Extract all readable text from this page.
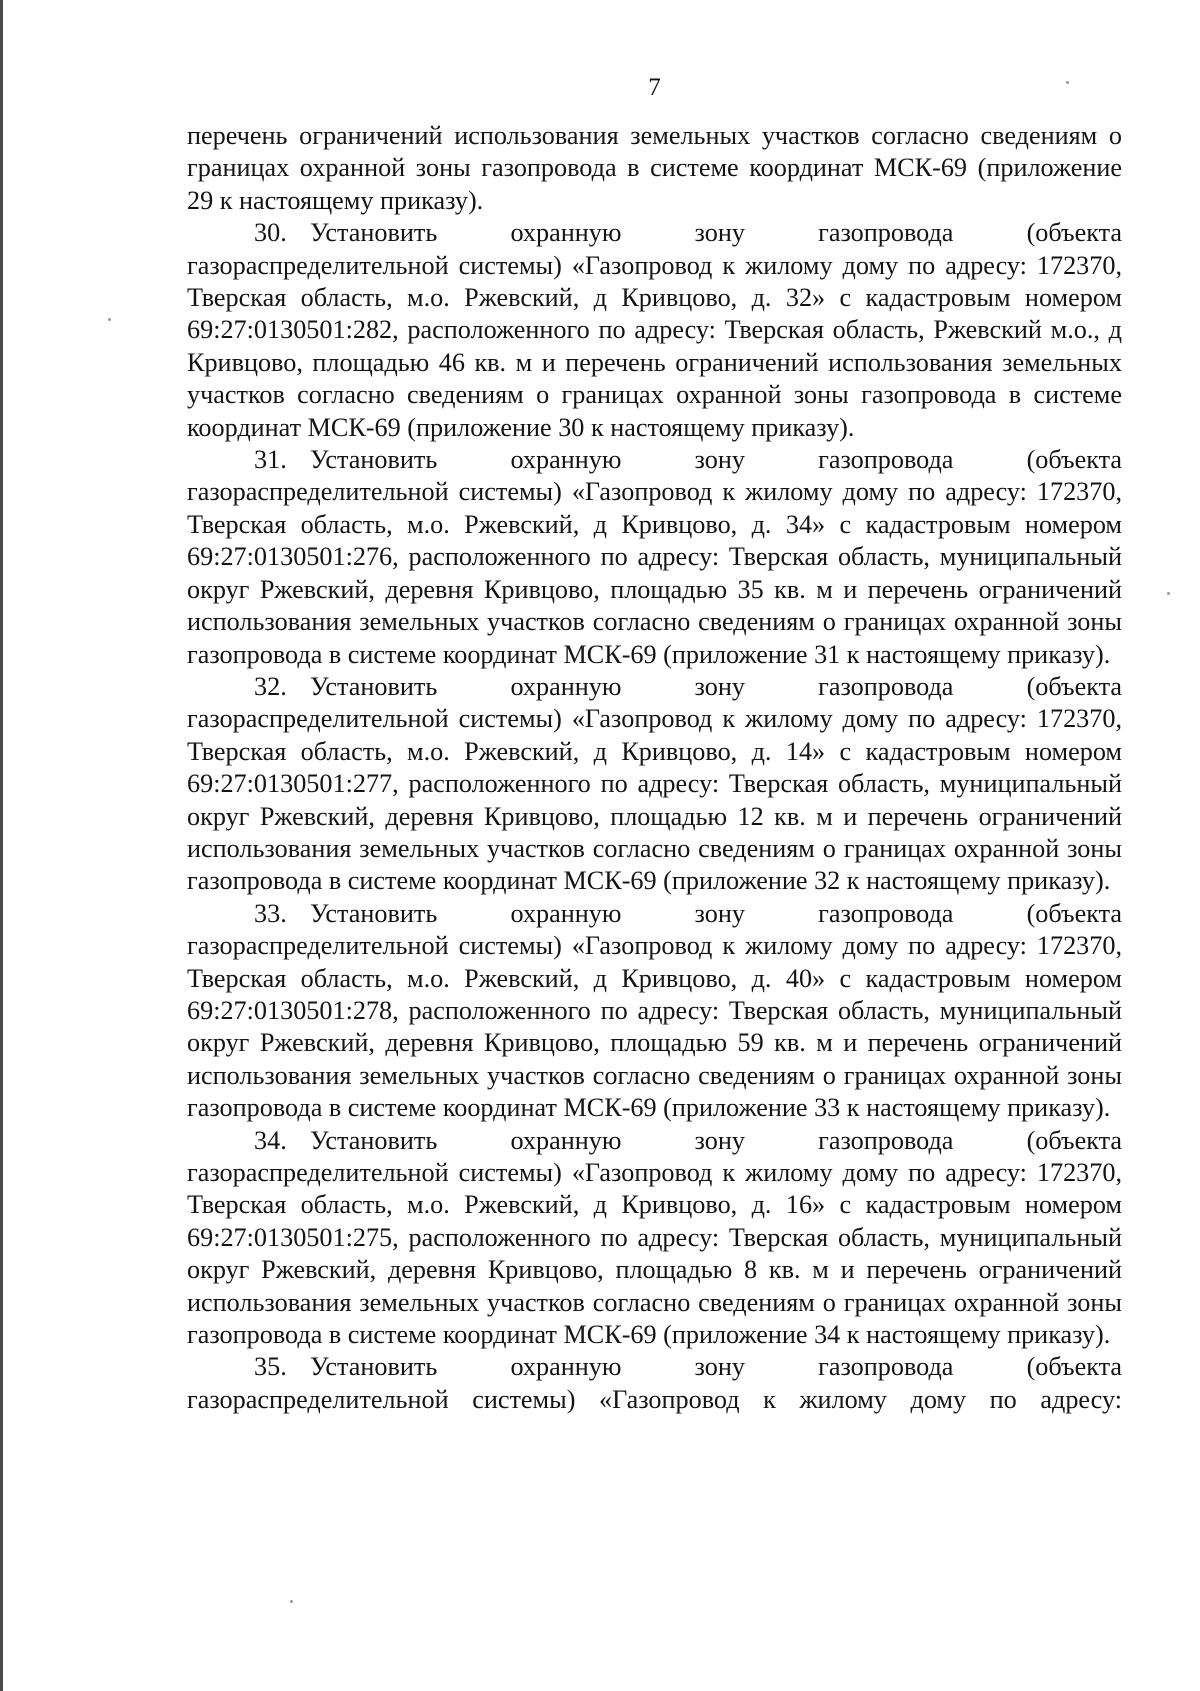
7

перечень ограничений использования земельных участков согласно сведениям о границах охранной зоны газопровода в системе координат МСК-69 (приложение 29 к настоящему приказу).

30. Установить охранную зону газопровода (объекта газораспределительной системы) «Газопровод к жилому дому по адресу: 172370, Тверская область, м.о. Ржевский, д Кривцово, д. 32» с кадастровым номером 69:27:0130501:282, расположенного по адресу: Тверская область, Ржевский м.о., д Кривцово, площадью 46 кв. м и перечень ограничений использования земельных участков согласно сведениям о границах охранной зоны газопровода в системе координат МСК-69 (приложение 30 к настоящему приказу).

31. Установить охранную зону газопровода (объекта газораспределительной системы) «Газопровод к жилому дому по адресу: 172370, Тверская область, м.о. Ржевский, д Кривцово, д. 34» с кадастровым номером 69:27:0130501:276, расположенного по адресу: Тверская область, муниципальный округ Ржевский, деревня Кривцово, площадью 35 кв. м и перечень ограничений использования земельных участков согласно сведениям о границах охранной зоны газопровода в системе координат МСК-69 (приложение 31 к настоящему приказу).

32. Установить охранную зону газопровода (объекта газораспределительной системы) «Газопровод к жилому дому по адресу: 172370, Тверская область, м.о. Ржевский, д Кривцово, д. 14» с кадастровым номером 69:27:0130501:277, расположенного по адресу: Тверская область, муниципальный округ Ржевский, деревня Кривцово, площадью 12 кв. м и перечень ограничений использования земельных участков согласно сведениям о границах охранной зоны газопровода в системе координат МСК-69 (приложение 32 к настоящему приказу).

33. Установить охранную зону газопровода (объекта газораспределительной системы) «Газопровод к жилому дому по адресу: 172370, Тверская область, м.о. Ржевский, д Кривцово, д. 40» с кадастровым номером 69:27:0130501:278, расположенного по адресу: Тверская область, муниципальный округ Ржевский, деревня Кривцово, площадью 59 кв. м и перечень ограничений использования земельных участков согласно сведениям о границах охранной зоны газопровода в системе координат МСК-69 (приложение 33 к настоящему приказу).

34. Установить охранную зону газопровода (объекта газораспределительной системы) «Газопровод к жилому дому по адресу: 172370, Тверская область, м.о. Ржевский, д Кривцово, д. 16» с кадастровым номером 69:27:0130501:275, расположенного по адресу: Тверская область, муниципальный округ Ржевский, деревня Кривцово, площадью 8 кв. м и перечень ограничений использования земельных участков согласно сведениям о границах охранной зоны газопровода в системе координат МСК-69 (приложение 34 к настоящему приказу).

35. Установить охранную зону газопровода (объекта газораспределительной системы) «Газопровод к жилому дому по адресу:
